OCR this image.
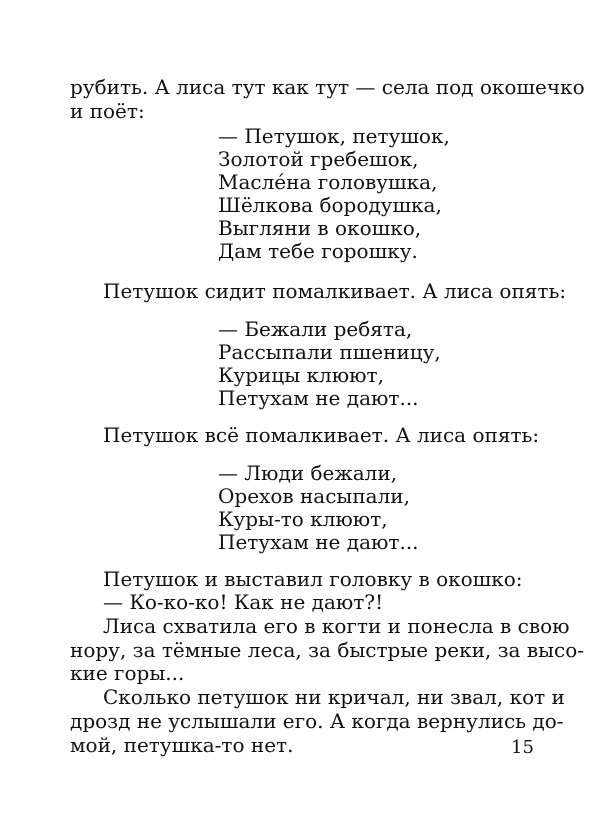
рубить. А лиса тут как тут — села под окошечко
и поёт:
— Петушок, петушок,
Золотой гребешок,
Маслéна головушка,
Шёлкова бородушка,
Выгляни в окошко,
Дам тебе горошку.
Петушок сидит помалкивает. А лиса опять:
— Бежали ребята,
Рассыпали пшеницу,
Курицы клюют,
Петухам не дают...
Петушок всё помалкивает. А лиса опять:
— Люди бежали,
Орехов насыпали,
Куры-то клюют,
Петухам не дают...
Петушок и выставил головку в окошко:
— Ко-ко-ко! Как не дают?!
Лиса схватила его в когти и понесла в свою
нору, за тёмные леса, за быстрые реки, за высо-
кие горы...
Сколько петушок ни кричал, ни звал, кот и
дрозд не услышали его. А когда вернулись до-
мой, петушка-то нет.	15
